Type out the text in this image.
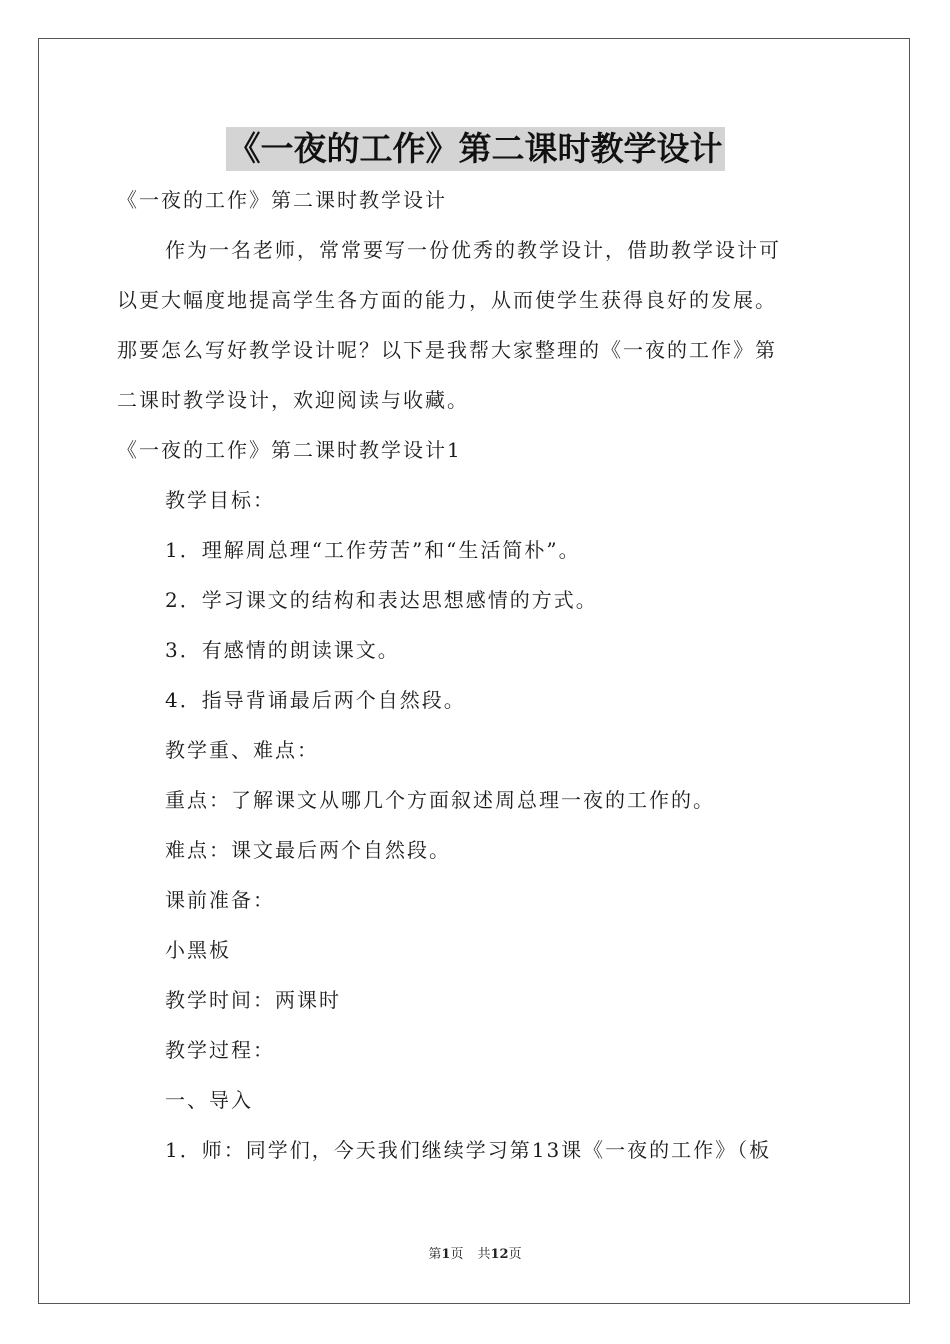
《一夜的工作》第二课时教学设计
《一夜的工作》第二课时教学设计
作为一名老师，常常要写一份优秀的教学设计，借助教学设计可
以更大幅度地提高学生各方面的能力，从而使学生获得良好的发展。
那要怎么写好教学设计呢？以下是我帮大家整理的《一夜的工作》第
二课时教学设计，欢迎阅读与收藏。
《一夜的工作》第二课时教学设计1
教学目标：
1．理解周总理“工作劳苦”和“生活简朴”。
2．学习课文的结构和表达思想感情的方式。
3．有感情的朗读课文。
4．指导背诵最后两个自然段。
教学重、难点：
重点：了解课文从哪几个方面叙述周总理一夜的工作的。
难点：课文最后两个自然段。
课前准备：
小黑板
教学时间：两课时
教学过程：
一、导入
1．师：同学们，今天我们继续学习第13课《一夜的工作》（板
第1页 共12页
